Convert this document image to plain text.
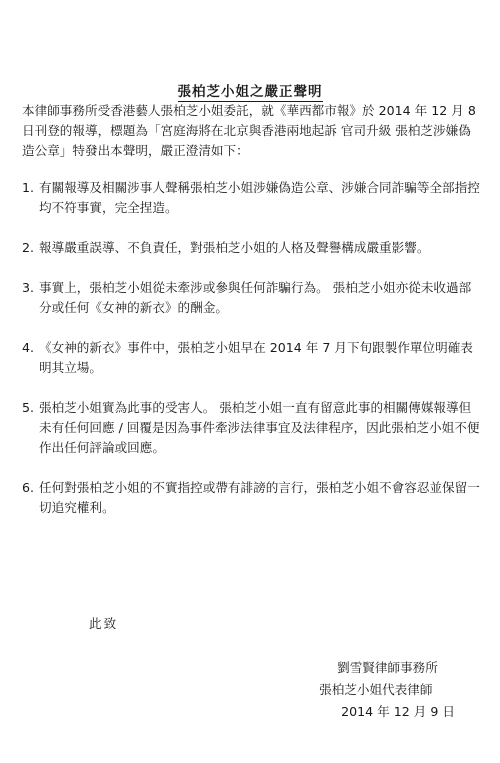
張柏芝小姐之嚴正聲明
本律師事務所受香港藝人張柏芝小姐委託，就《華西都市報》於 2014 年 12 月 8 日刊登的報導，標題為「宮庭海將在北京與香港兩地起訴 官司升級 張柏芝涉嫌偽造公章」特發出本聲明，嚴正澄清如下：
1. 有關報導及相關涉事人聲稱張柏芝小姐涉嫌偽造公章、涉嫌合同詐騙等全部指控均不符事實，完全捏造。
2. 報導嚴重誤導、不負責任，對張柏芝小姐的人格及聲譽構成嚴重影響。
3. 事實上，張柏芝小姐從未牽涉或參與任何詐騙行為。 張柏芝小姐亦從未收過部分或任何《女神的新衣》的酬金。
4. 《女神的新衣》事件中，張柏芝小姐早在 2014 年 7 月下旬跟製作單位明確表明其立場。
5. 張柏芝小姐實為此事的受害人。 張柏芝小姐一直有留意此事的相關傳媒報導但未有任何回應 / 回覆是因為事件牽涉法律事宜及法律程序，因此張柏芝小姐不便作出任何評論或回應。
6. 任何對張柏芝小姐的不實指控或帶有誹謗的言行，張柏芝小姐不會容忍並保留一切追究權利。
此致
劉雪賢律師事務所
張柏芝小姐代表律師
2014 年 12 月 9 日
